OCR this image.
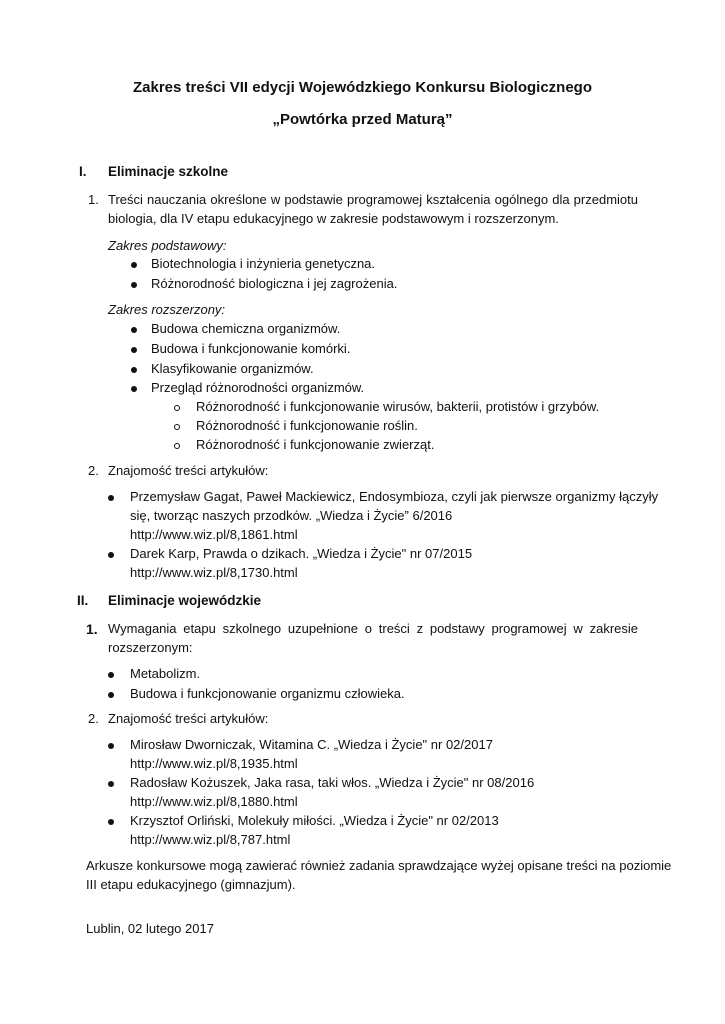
Zakres treści VII edycji Wojewódzkiego Konkursu Biologicznego
„Powtórka przed Maturą”
I. Eliminacje szkolne
1. Treści nauczania określone w podstawie programowej kształcenia ogólnego dla przedmiotu
biologia, dla IV etapu edukacyjnego w zakresie podstawowym i rozszerzonym.
Zakres podstawowy:
Biotechnologia i inżynieria genetyczna.
Różnorodność biologiczna i jej zagrożenia.
Zakres rozszerzony:
Budowa chemiczna organizmów.
Budowa i funkcjonowanie komórki.
Klasyfikowanie organizmów.
Przegląd różnorodności organizmów.
Różnorodność i funkcjonowanie wirusów, bakterii, protistów i grzybów.
Różnorodność i funkcjonowanie roślin.
Różnorodność i funkcjonowanie zwierząt.
2. Znajomość treści artykułów:
Przemysław Gagat, Paweł Mackiewicz, Endosymbioza, czyli jak pierwsze organizmy łączyły
się, tworząc naszych przodków. „Wiedza i Życie” 6/2016
http://www.wiz.pl/8,1861.html
Darek Karp, Prawda o dzikach. „Wiedza i Życie" nr 07/2015
http://www.wiz.pl/8,1730.html
II. Eliminacje wojewódzkie
1. Wymagania etapu szkolnego uzupełnione o treści z podstawy programowej w zakresie
rozszerzonym:
Metabolizm.
Budowa i funkcjonowanie organizmu człowieka.
2. Znajomość treści artykułów:
Mirosław Dworniczak, Witamina C. „Wiedza i Życie" nr 02/2017
http://www.wiz.pl/8,1935.html
Radosław Kożuszek, Jaka rasa, taki włos. „Wiedza i Życie" nr 08/2016
http://www.wiz.pl/8,1880.html
Krzysztof Orliński, Molekuły miłości. „Wiedza i Życie" nr 02/2013
http://www.wiz.pl/8,787.html
Arkusze konkursowe mogą zawierać również zadania sprawdzające wyżej opisane treści na poziomie
III etapu edukacyjnego (gimnazjum).
Lublin, 02 lutego 2017
